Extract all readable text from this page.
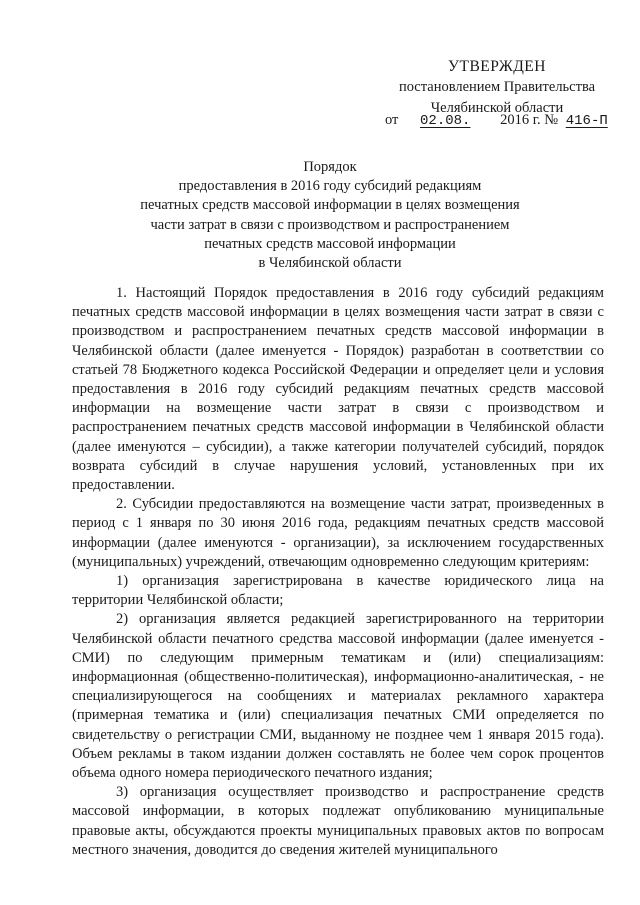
УТВЕРЖДЕН
постановлением Правительства
Челябинской области
от 02.08. 2016 г. № 416-П
Порядок
предоставления в 2016 году субсидий редакциям
печатных средств массовой информации в целях возмещения
части затрат в связи с производством и распространением
печатных средств массовой информации
в Челябинской области

1. Настоящий Порядок предоставления в 2016 году субсидий редакциям печатных средств массовой информации в целях возмещения части затрат в связи с производством и распространением печатных средств массовой информации в Челябинской области (далее именуется - Порядок) разработан в соответствии со статьей 78 Бюджетного кодекса Российской Федерации и определяет цели и условия предоставления в 2016 году субсидий редакциям печатных средств массовой информации на возмещение части затрат в связи с производством и распространением печатных средств массовой информации в Челябинской области (далее именуются – субсидии), а также категории получателей субсидий, порядок возврата субсидий в случае нарушения условий, установленных при их предоставлении.

2. Субсидии предоставляются на возмещение части затрат, произведенных в период с 1 января по 30 июня 2016 года, редакциям печатных средств массовой информации (далее именуются - организации), за исключением государственных (муниципальных) учреждений, отвечающим одновременно следующим критериям:

1) организация зарегистрирована в качестве юридического лица на территории Челябинской области;

2) организация является редакцией зарегистрированного на территории Челябинской области печатного средства массовой информации (далее именуется - СМИ) по следующим примерным тематикам и (или) специализациям: информационная (общественно-политическая), информационно-аналитическая, - не специализирующегося на сообщениях и материалах рекламного характера (примерная тематика и (или) специализация печатных СМИ определяется по свидетельству о регистрации СМИ, выданному не позднее чем 1 января 2015 года). Объем рекламы в таком издании должен составлять не более чем сорок процентов объема одного номера периодического печатного издания;

3) организация осуществляет производство и распространение средств массовой информации, в которых подлежат опубликованию муниципальные правовые акты, обсуждаются проекты муниципальных правовых актов по вопросам местного значения, доводится до сведения жителей муниципального
